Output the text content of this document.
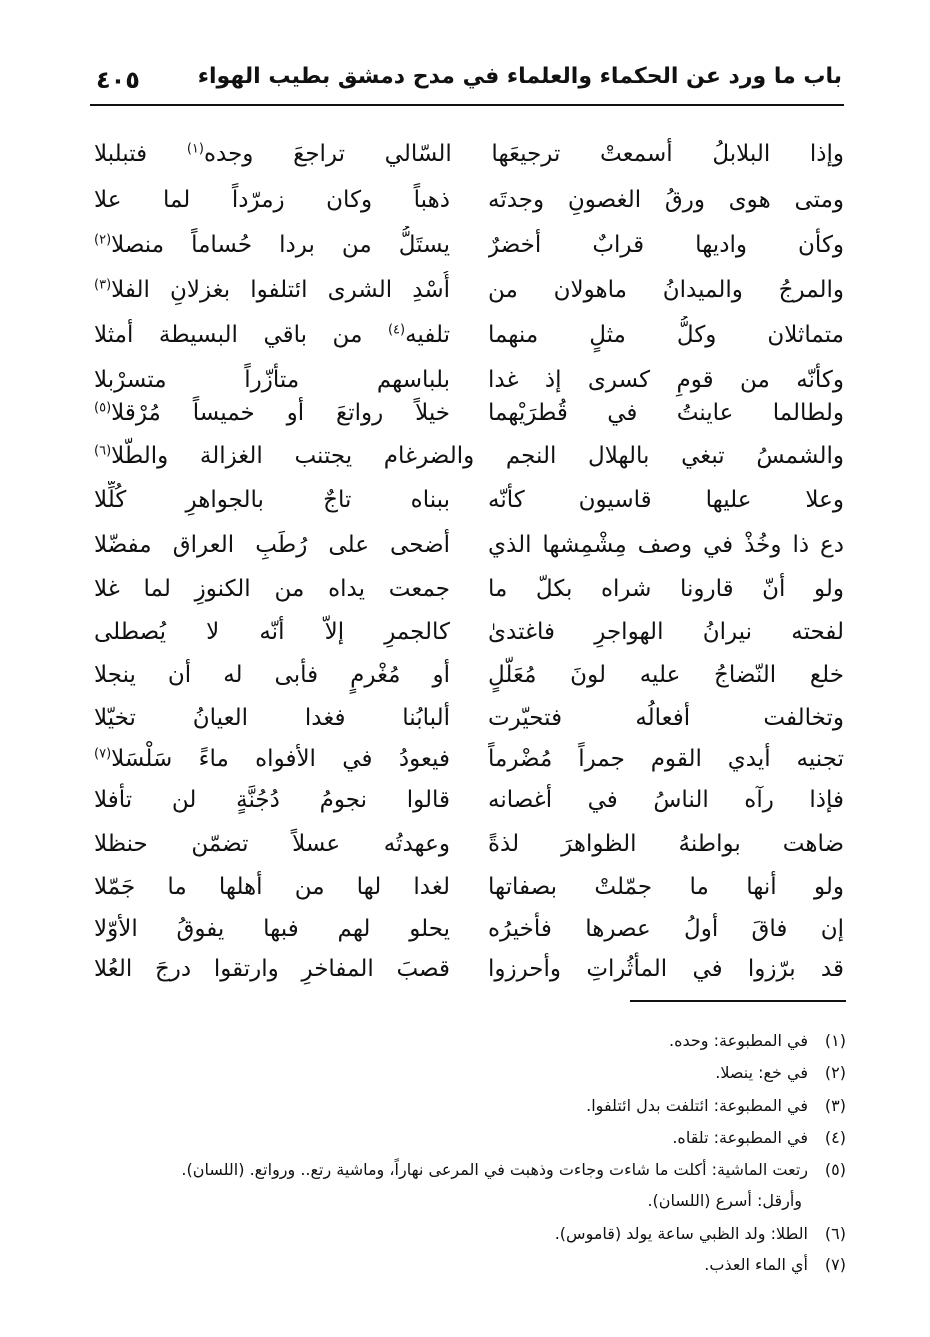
٤٠٥	باب ما ورد عن الحكماء والعلماء في مدح دمشق بطيب الهواء
وإذا البلابلُ أسمعتْ ترجيعَها السّالي تراجعَ وجده$^{(١)}$ فتبلبلا
ومتى هوى ورقُ الغصونِ وجدتَه
ذهباً وكان زمرّداً لما علا
وكأن واديها قرابٌ أخضرٌ
يستَلُّ من بردا حُساماً منصلا$^{(٢)}$
والمرجُ والميدانُ ماهولان من
أُسْدِ الشرى ائتلفوا بغزلانِ الفلا$^{(٣)}$
متماثلان وكلُّ مثلٍ منهما
تلفيه$^{(٤)}$ من باقي البسيطة أمثلا
وكأنّه من قومِ كسرى إذ غدا
بلباسهم متأزّراً متسرْبلا
ولطالما عاينتُ في قُطرَيْهما
خيلاً رواتعَ أو خميساً مُرْقلا$^{(٥)}$
والشمسُ تبغي بالهلال النجم والضرغام يجتنب الغزالة والطّلا$^{(٦)}$
وعلا عليها قاسيون كأنّه
ببناه تاجٌ بالجواهرِ كُلِّلا
دع ذا وخُذْ في وصف مِشْمِشها الذي
أضحى على رُطَبِ العراق مفضّلا
ولو أنّ قارونا شراه بكلّ ما
جمعت يداه من الكنوزِ لما غلا
لفحته نيرانُ الهواجرِ فاغتدىٰ
كالجمرِ إلاّ أنّه لا يُصطلى
خلع النّضاجُ عليه لونَ مُعَلّلٍ
أو مُغْرمٍ فأبى له أن ينجلا
وتخالفت أفعالُه فتحيّرت
ألبابُنا فغدا العيانُ تخيّلا
تجنيه أيدي القوم جمراً مُضْرماً
فيعودُ في الأفواه ماءً سَلْسَلا$^{(٧)}$
فإذا رآه الناسُ في أغصانه
قالوا نجومُ دُجُنَّةٍ لن تأفلا
ضاهت بواطنهُ الظواهرَ لذةً
وعهدتُه عسلاً تضمّن حنظلا
ولو أنها ما جمّلتْ بصفاتها
لغدا لها من أهلها ما جَمّلا
إن فاقَ أولُ عصرها فأخيرُه
يحلو لهم فبها يفوقُ الأوّلا
قد برّزوا في المأثُراتِ وأحرزوا
قصبَ المفاخرِ وارتقوا درجَ العُلا
(١)في المطبوعة: وحده.
(٢)في خع: ينصلا.
(٣)في المطبوعة: ائتلفت بدل ائتلفوا.
(٤)في المطبوعة: تلقاه.
(٥)رتعت الماشية: أكلت ما شاءت وجاءت وذهبت في المرعى نهاراً، وماشية رتع.. ورواتع. (اللسان).
وأرقل: أسرع (اللسان).
(٦)الطلا: ولد الظبي ساعة يولد (قاموس).
(٧)أي الماء العذب.
